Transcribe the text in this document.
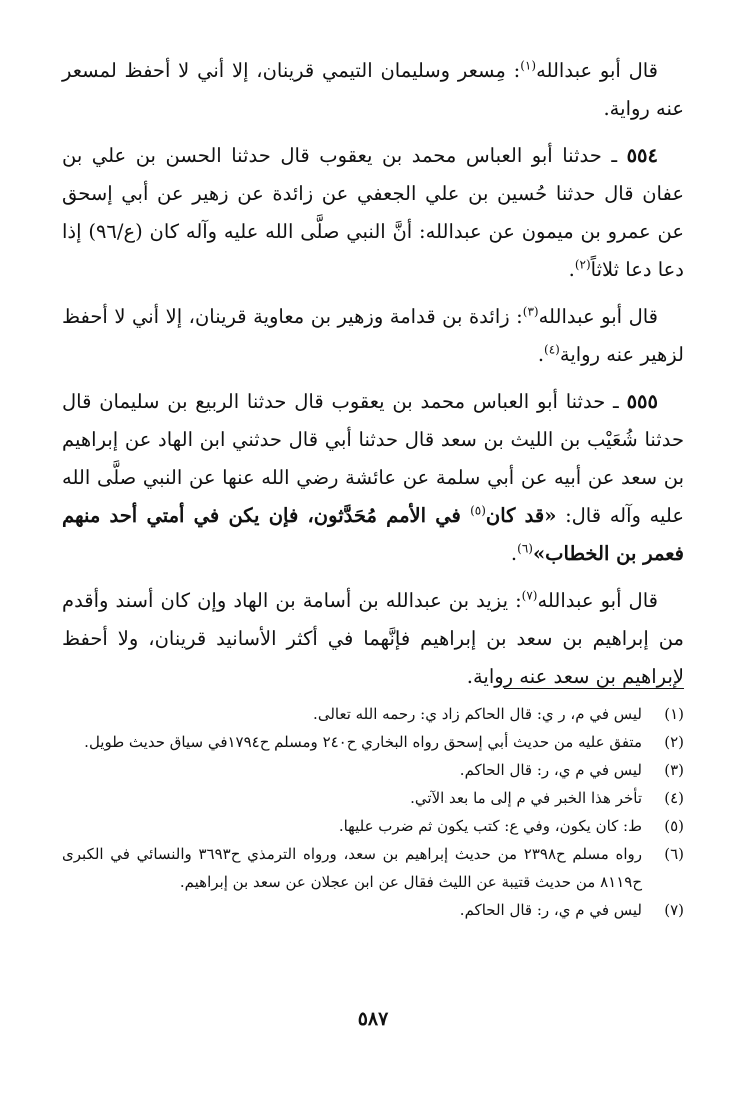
قال أبو عبدالله$^{(١)}$: مِسعر وسليمان التيمي قرينان، إلا أني لا أحفظ لمسعر عنه رواية.

٥٥٤ ـ حدثنا أبو العباس محمد بن يعقوب قال حدثنا الحسن بن علي بن عفان قال حدثنا حُسين بن علي الجعفي عن زائدة عن زهير عن أبي إسحق عن عمرو بن ميمون عن عبدالله: أنَّ النبي صلَّى الله عليه وآله كان (ع/٩٦) إذا دعا دعا ثلاثاً$^{(٢)}$.

قال أبو عبدالله$^{(٣)}$: زائدة بن قدامة وزهير بن معاوية قرينان، إلا أني لا أحفظ لزهير عنه رواية$^{(٤)}$.

٥٥٥ ـ حدثنا أبو العباس محمد بن يعقوب قال حدثنا الربيع بن سليمان قال حدثنا شُعَيْب بن الليث بن سعد قال حدثنا أبي قال حدثني ابن الهاد عن إبراهيم بن سعد عن أبيه عن أبي سلمة عن عائشة رضي الله عنها عن النبي صلَّى الله عليه وآله قال: «قد كان$^{(٥)}$ في الأمم مُحَدَّثون، فإن يكن في أمتي أحد منهم فعمر بن الخطاب»$^{(٦)}$.

قال أبو عبدالله$^{(٧)}$: يزيد بن عبدالله بن أسامة بن الهاد وإن كان أسند وأقدم من إبراهيم بن سعد بن إبراهيم فإنَّهما في أكثر الأسانيد قرينان، ولا أحفظ لإبراهيم بن سعد عنه رواية.

(١)
ليس في م، ر ي: قال الحاكم زاد ي: رحمه الله تعالى.
(٢)
متفق عليه من حديث أبي إسحق رواه البخاري ح٢٤٠ ومسلم ح١٧٩٤في سياق حديث طويل.
(٣)
ليس في م ي، ر: قال الحاكم.
(٤)
تأخر هذا الخبر في م إلى ما بعد الآتي.
(٥)
ط: كان يكون، وفي ع: كتب يكون ثم ضرب عليها.
(٦)
رواه مسلم ح٢٣٩٨ من حديث إبراهيم بن سعد، ورواه الترمذي ح٣٦٩٣ والنسائي في الكبرى ح٨١١٩ من حديث قتيبة عن الليث فقال عن ابن عجلان عن سعد بن إبراهيم.
(٧)
ليس في م ي، ر: قال الحاكم.
٥٨٧
